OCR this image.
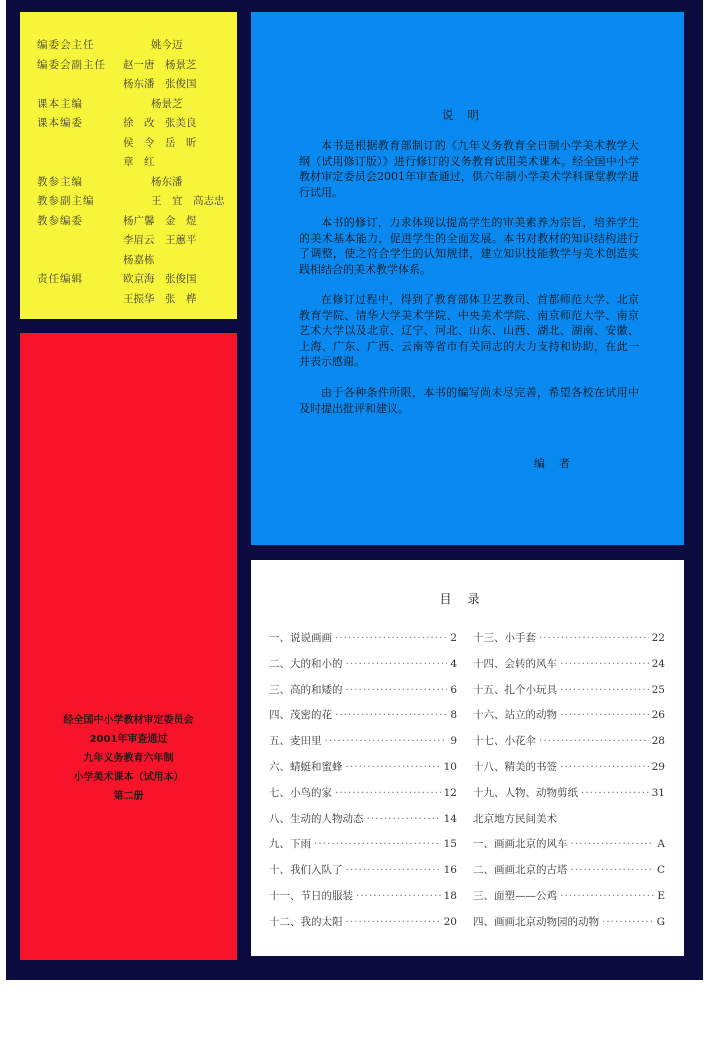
编委会主任	姚今迈
编委会副主任 赵一唐　杨景芝
杨东潘　张俊国
课本主编	杨景芝
课本编委	徐　改　张美良
侯　令　岳　昕
章　红
教参主编	杨东潘
教参副主编	王　宜　高志忠
教参编委	杨广馨　金　煜
李眉云　王蕙平
杨嘉栋
责任编辑	欧京海　张俊国
王振华　张　桦
经全国中小学教材审定委员会
2001年审查通过
九年义务教育六年制
小学美术课本（试用本）
第二册
说明

本书是根据教育部制订的《九年义务教育全日制小学美术教学大纲（试用修订版）》进行修订的义务教育试用美术课本。经全国中小学教材审定委员会2001年审查通过，供六年制小学美术学科课堂教学进行试用。

本书的修订，力求体现以提高学生的审美素养为宗旨，培养学生的美术基本能力，促进学生的全面发展。本书对教材的知识结构进行了调整，使之符合学生的认知规律，建立知识技能教学与美术创造实践相结合的美术教学体系。

在修订过程中，得到了教育部体卫艺教司、首都师范大学、北京教育学院、清华大学美术学院、中央美术学院、南京师范大学、南京艺术大学以及北京、辽宁、河北、山东、山西、湖北、湖南、安徽、上海、广东、广西、云南等省市有关同志的大力支持和协助，在此一并表示感谢。

由于各种条件所限，本书的编写尚未尽完善，希望各校在试用中及时提出批评和建议。

编者
目录
一、说说画画 ·····	2
二、大的和小的 ·····	4
三、高的和矮的 ·····	6
四、茂密的花 ·····	8
五、麦田里 ·····	9
六、蜻蜓和蜜蜂 ·····	10
七、小鸟的家 ·····	12
八、生动的人物动态 ·····	14
九、下雨 ·····	15
十、我们入队了 ·····	16
十一、节日的服装 ·····	18
十二、我的太阳 ·····	20
十三、小手套 ·····	22
十四、会转的风车 ·····	24
十五、扎个小玩具 ·····	25
十六、站立的动物 ·····	26
十七、小花伞 ·····	28
十八、精美的书签 ·····	29
十九、人物、动物剪纸 ·····	31
北京地方民间美术
一、画画北京的风车 ·····	A
二、画画北京的古塔 ·····	C
三、面塑——公鸡 ·····	E
四、画画北京动物园的动物 ·····	G
